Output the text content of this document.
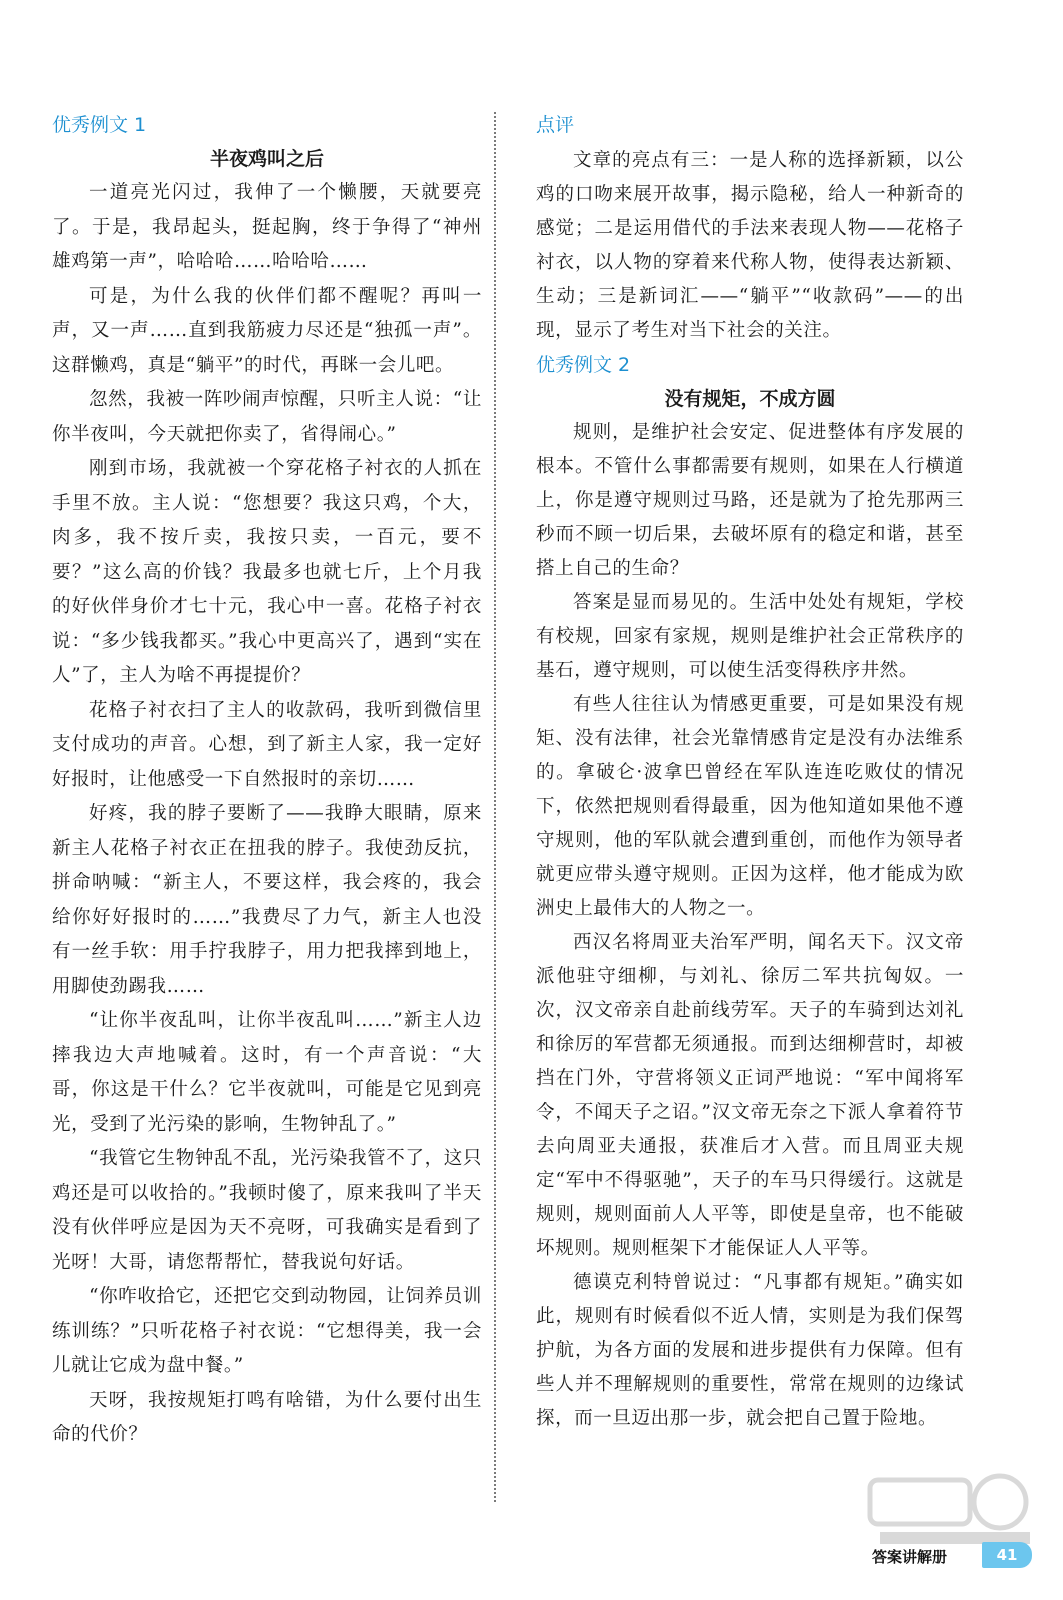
优秀例文 1
半夜鸡叫之后

一道亮光闪过，我伸了一个懒腰，天就要亮了。于是，我昂起头，挺起胸，终于争得了“神州雄鸡第一声”，哈哈哈……哈哈哈……

可是，为什么我的伙伴们都不醒呢？再叫一声，又一声……直到我筋疲力尽还是“独孤一声”。这群懒鸡，真是“躺平”的时代，再眯一会儿吧。

忽然，我被一阵吵闹声惊醒，只听主人说：“让你半夜叫，今天就把你卖了，省得闹心。”

刚到市场，我就被一个穿花格子衬衣的人抓在手里不放。主人说：“您想要？我这只鸡，个大，肉多，我不按斤卖，我按只卖，一百元，要不要？”这么高的价钱？我最多也就七斤，上个月我的好伙伴身价才七十元，我心中一喜。花格子衬衣说：“多少钱我都买。”我心中更高兴了，遇到“实在人”了，主人为啥不再提提价？

花格子衬衣扫了主人的收款码，我听到微信里支付成功的声音。心想，到了新主人家，我一定好好报时，让他感受一下自然报时的亲切……

好疼，我的脖子要断了——我睁大眼睛，原来新主人花格子衬衣正在扭我的脖子。我使劲反抗，拼命呐喊：“新主人，不要这样，我会疼的，我会给你好好报时的……”我费尽了力气，新主人也没有一丝手软：用手拧我脖子，用力把我摔到地上，用脚使劲踢我……

“让你半夜乱叫，让你半夜乱叫……”新主人边摔我边大声地喊着。这时，有一个声音说：“大哥，你这是干什么？它半夜就叫，可能是它见到亮光，受到了光污染的影响，生物钟乱了。”

“我管它生物钟乱不乱，光污染我管不了，这只鸡还是可以收拾的。”我顿时傻了，原来我叫了半天没有伙伴呼应是因为天不亮呀，可我确实是看到了光呀！大哥，请您帮帮忙，替我说句好话。

“你咋收拾它，还把它交到动物园，让饲养员训练训练？”只听花格子衬衣说：“它想得美，我一会儿就让它成为盘中餐。”

天呀，我按规矩打鸣有啥错，为什么要付出生命的代价？

点评

文章的亮点有三：一是人称的选择新颖，以公鸡的口吻来展开故事，揭示隐秘，给人一种新奇的感觉；二是运用借代的手法来表现人物——花格子衬衣，以人物的穿着来代称人物，使得表达新颖、生动；三是新词汇——“躺平”“收款码”——的出现，显示了考生对当下社会的关注。

优秀例文 2
没有规矩，不成方圆

规则，是维护社会安定、促进整体有序发展的根本。不管什么事都需要有规则，如果在人行横道上，你是遵守规则过马路，还是就为了抢先那两三秒而不顾一切后果，去破坏原有的稳定和谐，甚至搭上自己的生命？

答案是显而易见的。生活中处处有规矩，学校有校规，回家有家规，规则是维护社会正常秩序的基石，遵守规则，可以使生活变得秩序井然。

有些人往往认为情感更重要，可是如果没有规矩、没有法律，社会光靠情感肯定是没有办法维系的。拿破仑·波拿巴曾经在军队连连吃败仗的情况下，依然把规则看得最重，因为他知道如果他不遵守规则，他的军队就会遭到重创，而他作为领导者就更应带头遵守规则。正因为这样，他才能成为欧洲史上最伟大的人物之一。

西汉名将周亚夫治军严明，闻名天下。汉文帝派他驻守细柳，与刘礼、徐厉二军共抗匈奴。一次，汉文帝亲自赴前线劳军。天子的车骑到达刘礼和徐厉的军营都无须通报。而到达细柳营时，却被挡在门外，守营将领义正词严地说：“军中闻将军令，不闻天子之诏。”汉文帝无奈之下派人拿着符节去向周亚夫通报，获准后才入营。而且周亚夫规定“军中不得驱驰”，天子的车马只得缓行。这就是规则，规则面前人人平等，即使是皇帝，也不能破坏规则。规则框架下才能保证人人平等。

德谟克利特曾说过：“凡事都有规矩。”确实如此，规则有时候看似不近人情，实则是为我们保驾护航，为各方面的发展和进步提供有力保障。但有些人并不理解规则的重要性，常常在规则的边缘试探，而一旦迈出那一步，就会把自己置于险地。

答案讲解册	41
